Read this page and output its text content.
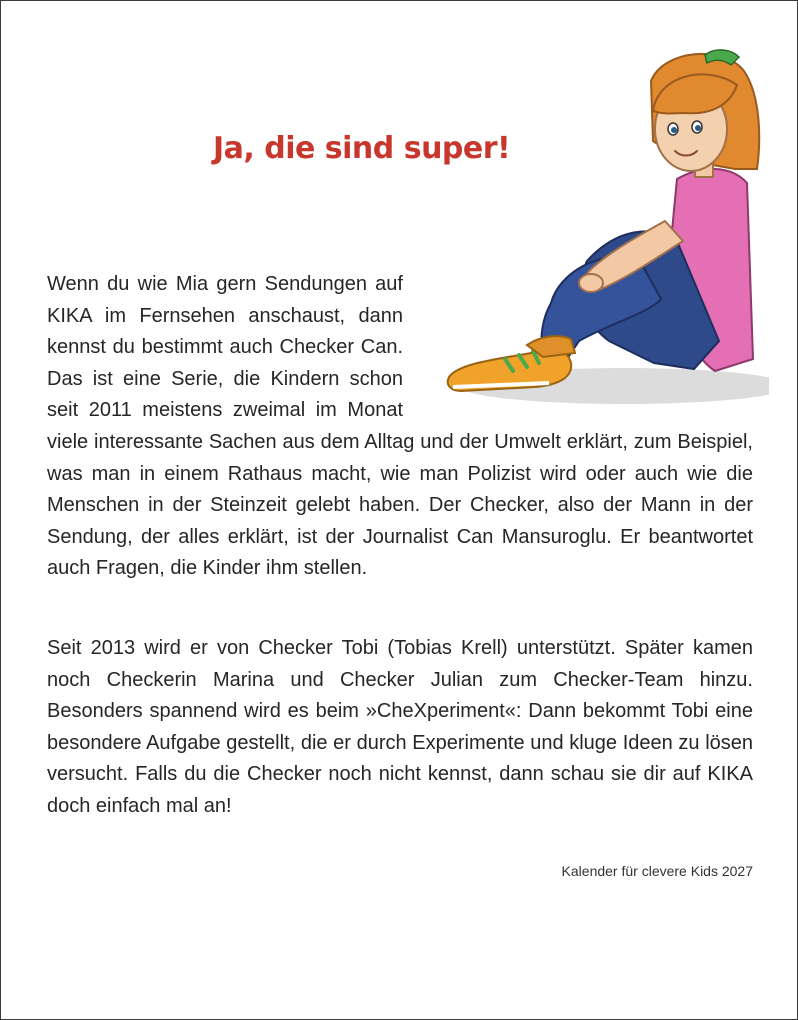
Ja, die sind super!

Wenn du wie Mia gern Sendungen auf KIKA im Fernsehen anschaust, dann kennst du bestimmt auch Checker Can. Das ist eine Serie, die Kindern schon seit 2011 meistens zweimal im Monat viele interessante Sachen aus dem Alltag und der Umwelt erklärt, zum Beispiel, was man in einem Rathaus macht, wie man Polizist wird oder auch wie die Menschen in der Steinzeit gelebt haben. Der Checker, also der Mann in der Sendung, der alles erklärt, ist der Journalist Can Mansuroglu. Er beantwortet auch Fragen, die Kinder ihm stellen.

Seit 2013 wird er von Checker Tobi (Tobias Krell) unterstützt. Später kamen noch Checkerin Marina und Checker Julian zum Checker-Team hinzu. Besonders spannend wird es beim »CheXperiment«: Dann bekommt Tobi eine besondere Aufgabe gestellt, die er durch Experimente und kluge Ideen zu lösen versucht. Falls du die Checker noch nicht kennst, dann schau sie dir auf KIKA doch einfach mal an!

Kalender für clevere Kids 2027
